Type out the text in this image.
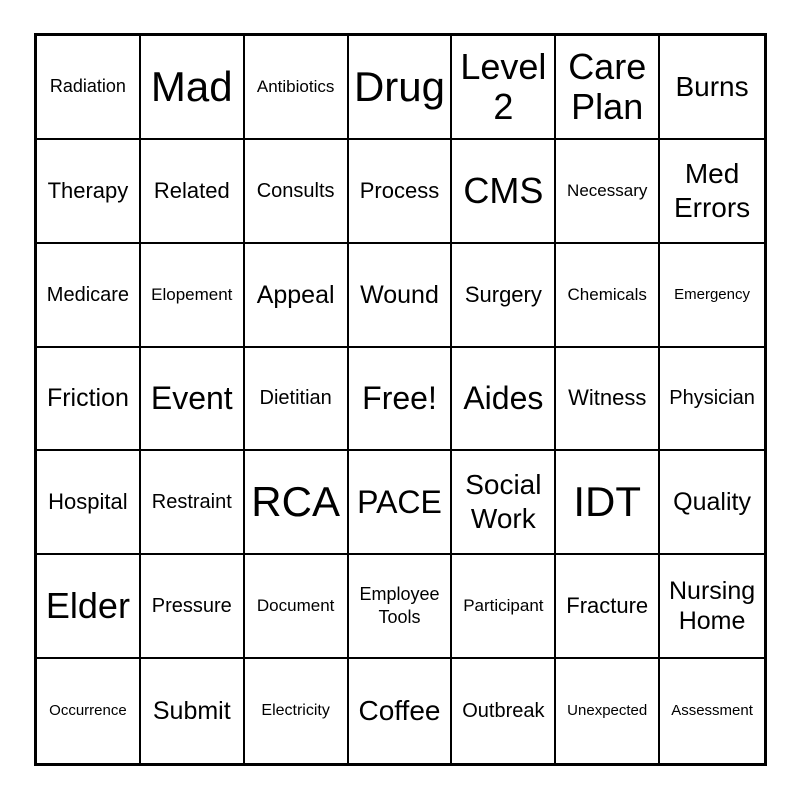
Radiation Mad Antibiotics Drug Level 2
Care Plan	Burns
Therapy Related Consults Process CMS Necessary
Med Errors
Medicare Elopement Appeal Wound Surgery Chemicals Emergency
Friction Event Dietitian Free! Aides Witness Physician
Hospital Restraint RCA PACE Social Work IDT Quality
Elder Pressure Document
Employee Tools
Participant Fracture
Nursing Home
Occurrence Submit Electricity Coffee Outbreak Unexpected Assessment
